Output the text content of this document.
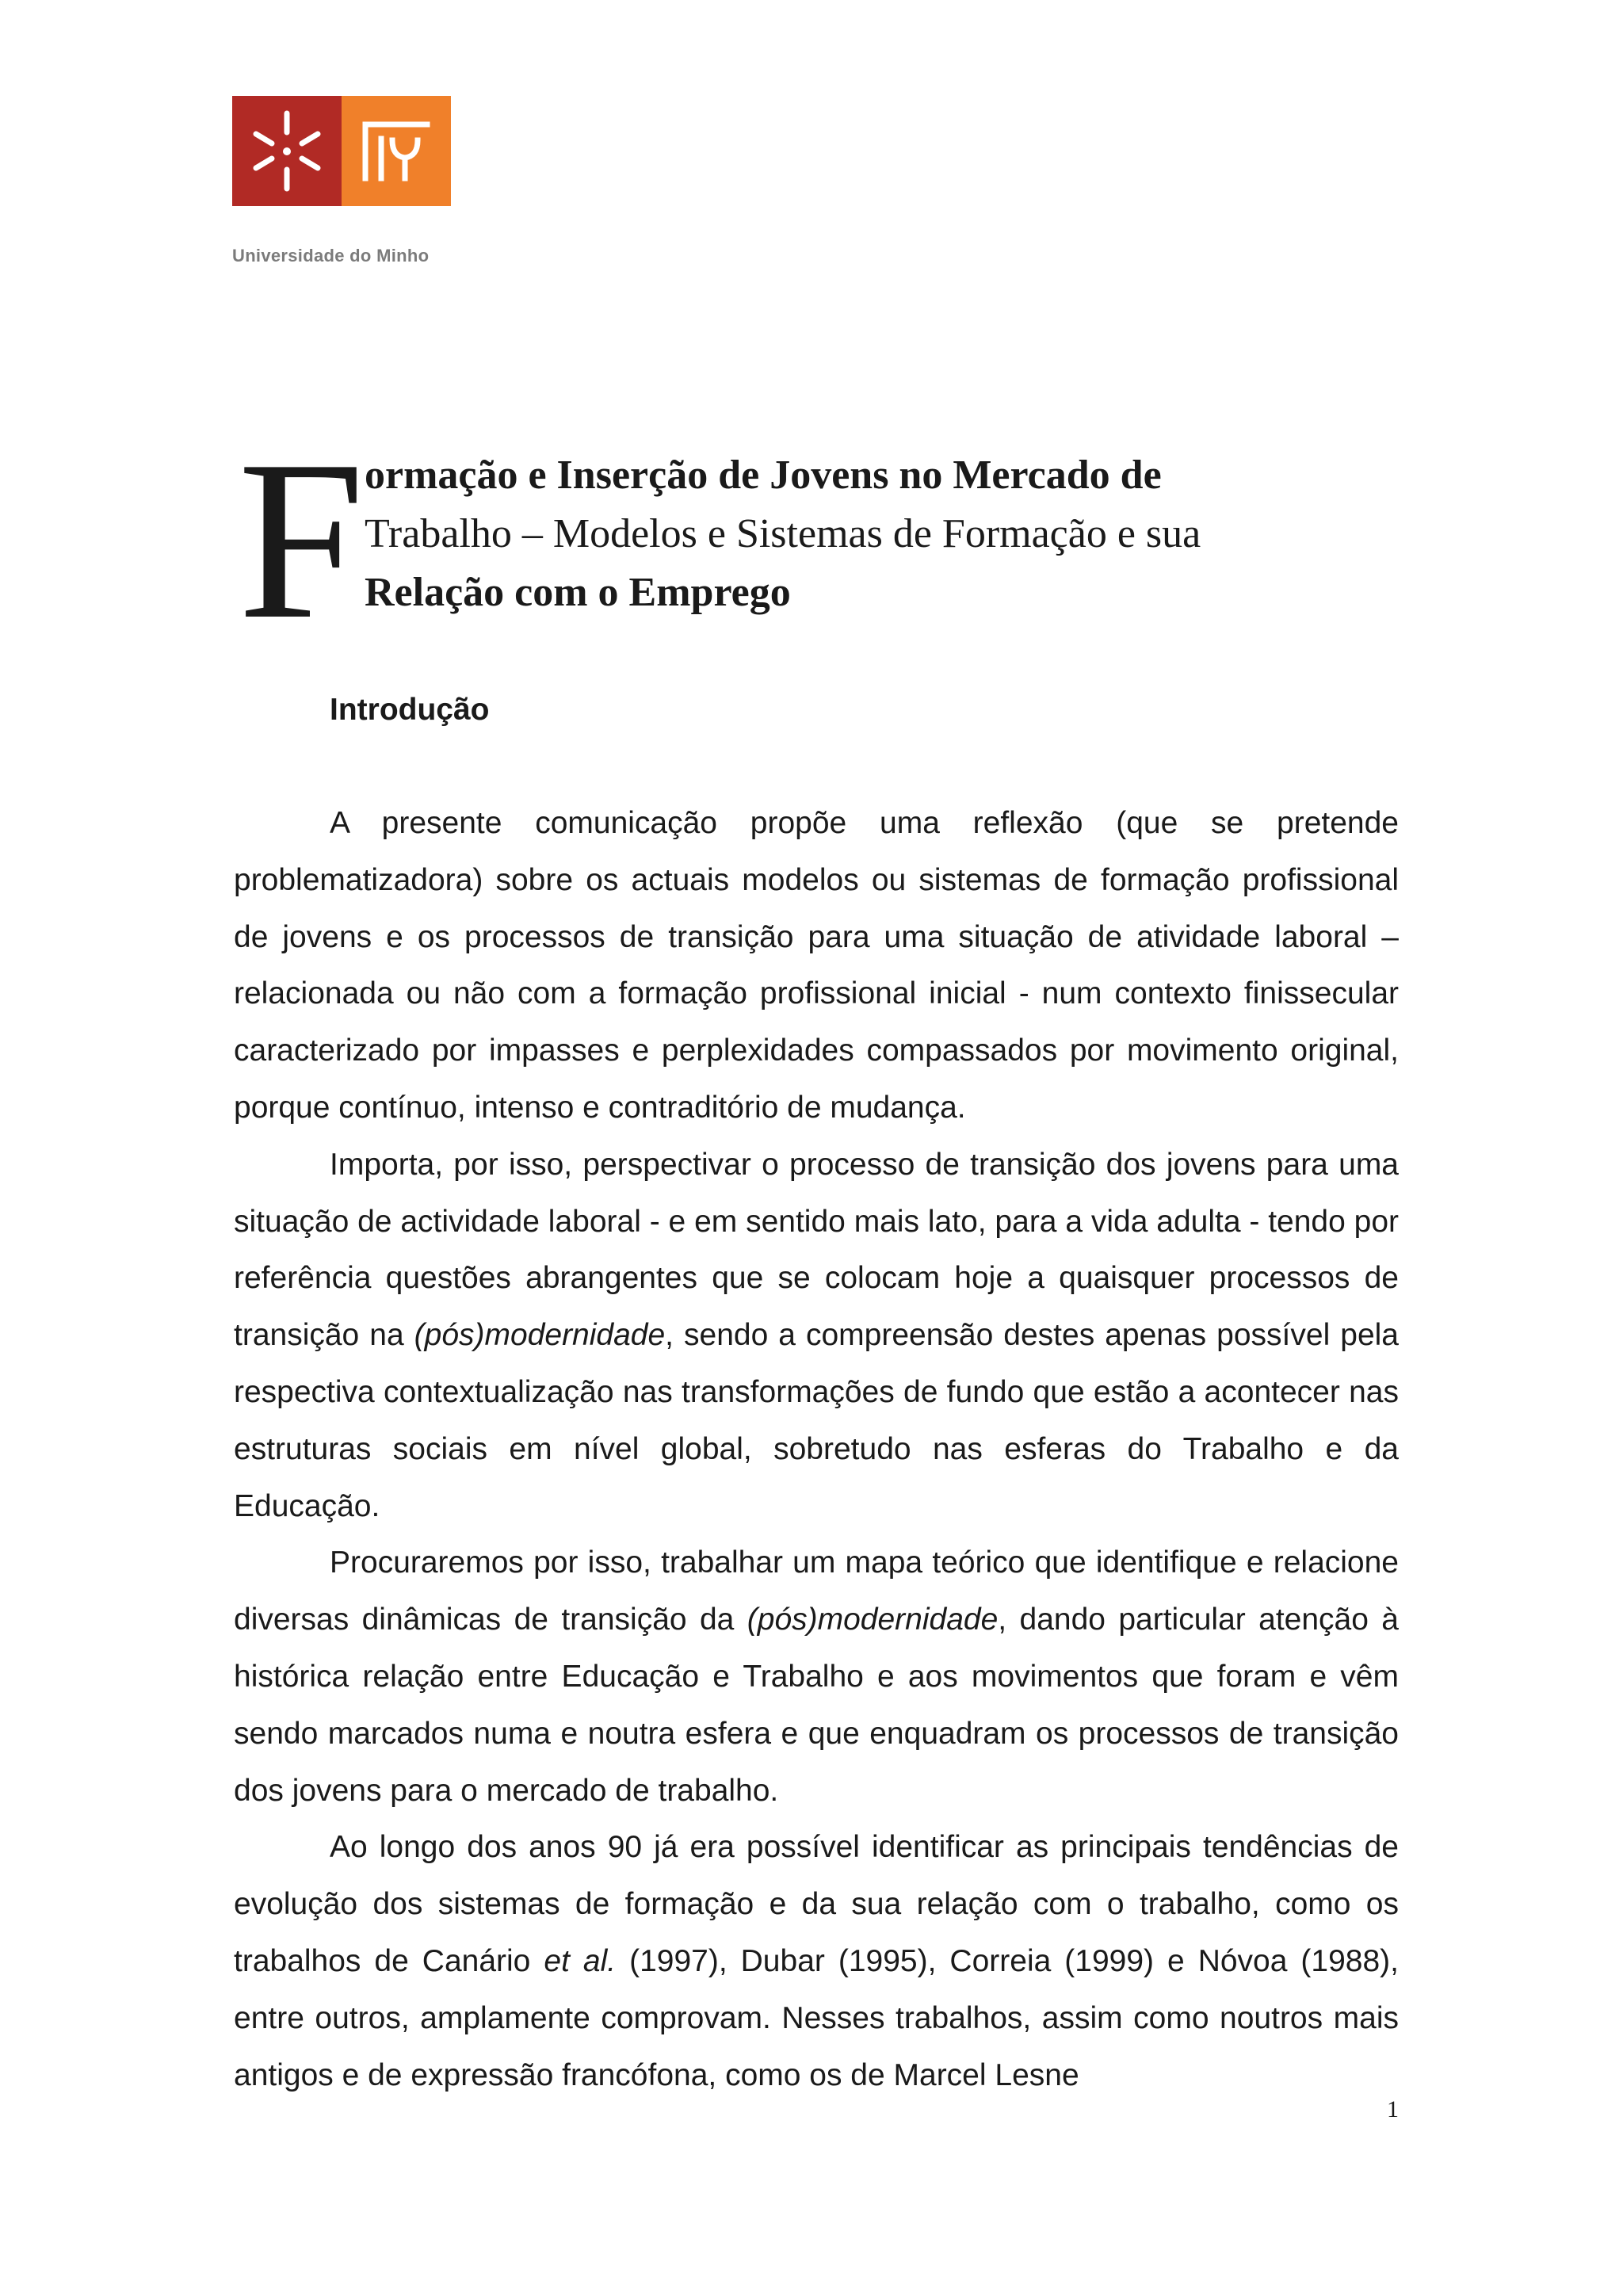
Universidade do Minho
F ormação e Inserção de Jovens no Mercado de
Trabalho – Modelos e Sistemas de Formação e sua
Relação com o Emprego
Introdução

A presente comunicação propõe uma reflexão (que se pretende problematizadora) sobre os actuais modelos ou sistemas de formação profissional de jovens e os processos de transição para uma situação de atividade laboral – relacionada ou não com a formação profissional inicial - num contexto finissecular caracterizado por impasses e perplexidades compassados por movimento original, porque contínuo, intenso e contraditório de mudança.

Importa, por isso, perspectivar o processo de transição dos jovens para uma situação de actividade laboral - e em sentido mais lato, para a vida adulta - tendo por referência questões abrangentes que se colocam hoje a quaisquer processos de transição na (pós)modernidade, sendo a compreensão destes apenas possível pela respectiva contextualização nas transformações de fundo que estão a acontecer nas estruturas sociais em nível global, sobretudo nas esferas do Trabalho e da Educação.

Procuraremos por isso, trabalhar um mapa teórico que identifique e relacione diversas dinâmicas de transição da (pós)modernidade, dando particular atenção à histórica relação entre Educação e Trabalho e aos movimentos que foram e vêm sendo marcados numa e noutra esfera e que enquadram os processos de transição dos jovens para o mercado de trabalho.

Ao longo dos anos 90 já era possível identificar as principais tendências de evolução dos sistemas de formação e da sua relação com o trabalho, como os trabalhos de Canário et al. (1997), Dubar (1995), Correia (1999) e Nóvoa (1988), entre outros, amplamente comprovam. Nesses trabalhos, assim como noutros mais antigos e de expressão francófona, como os de Marcel Lesne

1
